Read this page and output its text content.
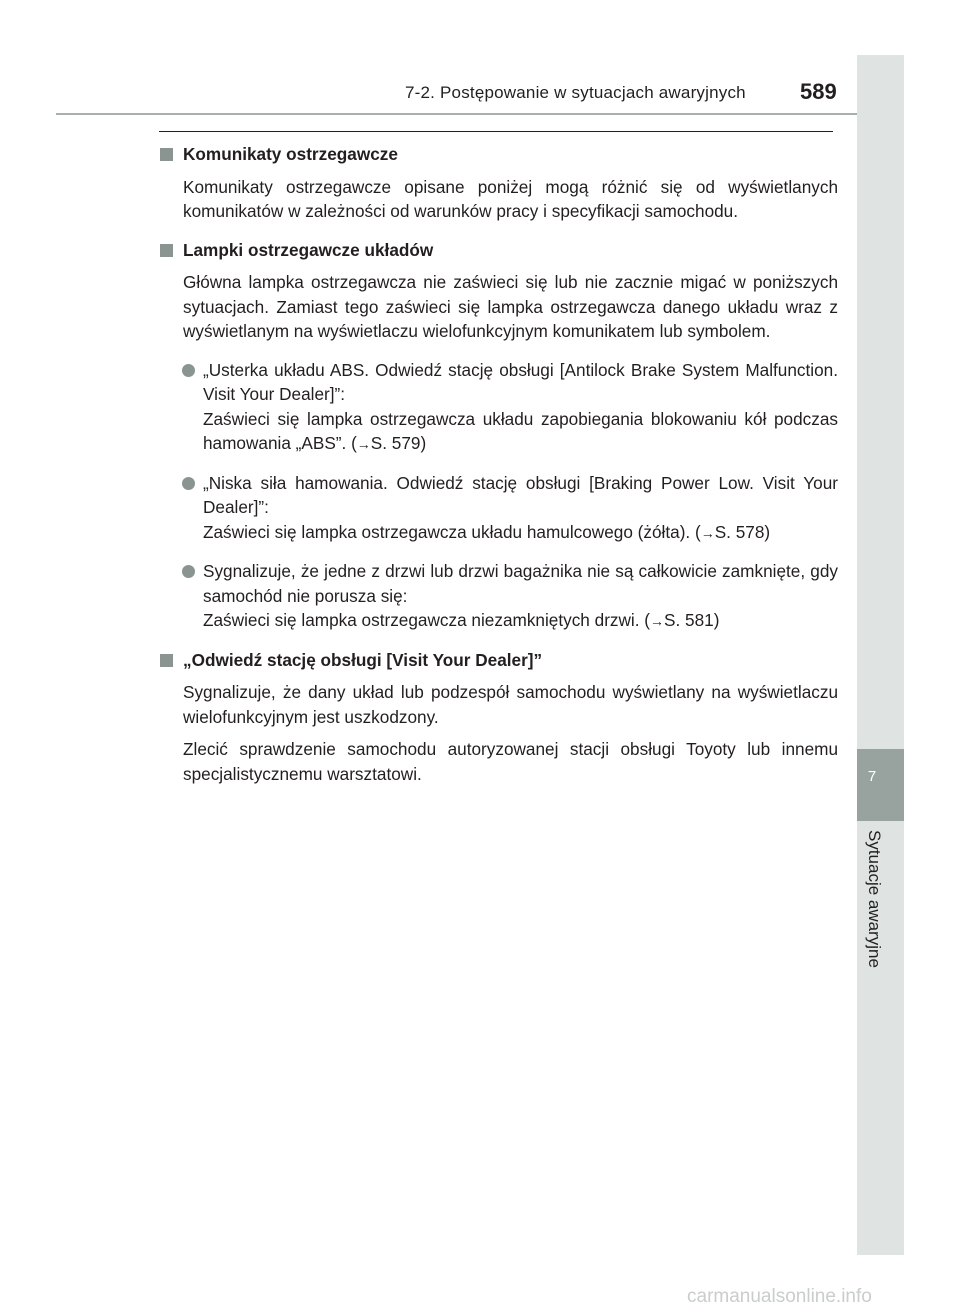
7-2. Postępowanie w sytuacjach awaryjnych 589
7
Sytuacje awaryjne
Komunikaty ostrzegawcze

Komunikaty ostrzegawcze opisane poniżej mogą różnić się od wyświetlanych komunikatów w zależności od warunków pracy i specyfikacji samochodu.

Lampki ostrzegawcze układów

Główna lampka ostrzegawcza nie zaświeci się lub nie zacznie migać w poniższych sytuacjach. Zamiast tego zaświeci się lampka ostrzegawcza danego układu wraz z wyświetlanym na wyświetlaczu wielofunkcyjnym komunikatem lub symbolem.

„Usterka układu ABS. Odwiedź stację obsługi [Antilock Brake System Malfunction. Visit Your Dealer]”:
Zaświeci się lampka ostrzegawcza układu zapobiegania blokowaniu kół podczas hamowania „ABS”. (→S. 579)
„Niska siła hamowania. Odwiedź stację obsługi [Braking Power Low. Visit Your Dealer]”:
Zaświeci się lampka ostrzegawcza układu hamulcowego (żółta). (→S. 578)
Sygnalizuje, że jedne z drzwi lub drzwi bagażnika nie są całkowicie zamknięte, gdy samochód nie porusza się:
Zaświeci się lampka ostrzegawcza niezamkniętych drzwi. (→S. 581)
„Odwiedź stację obsługi [Visit Your Dealer]”

Sygnalizuje, że dany układ lub podzespół samochodu wyświetlany na wyświetlaczu wielofunkcyjnym jest uszkodzony.

Zlecić sprawdzenie samochodu autoryzowanej stacji obsługi Toyoty lub innemu specjalistycznemu warsztatowi.

carmanualsonline.info
